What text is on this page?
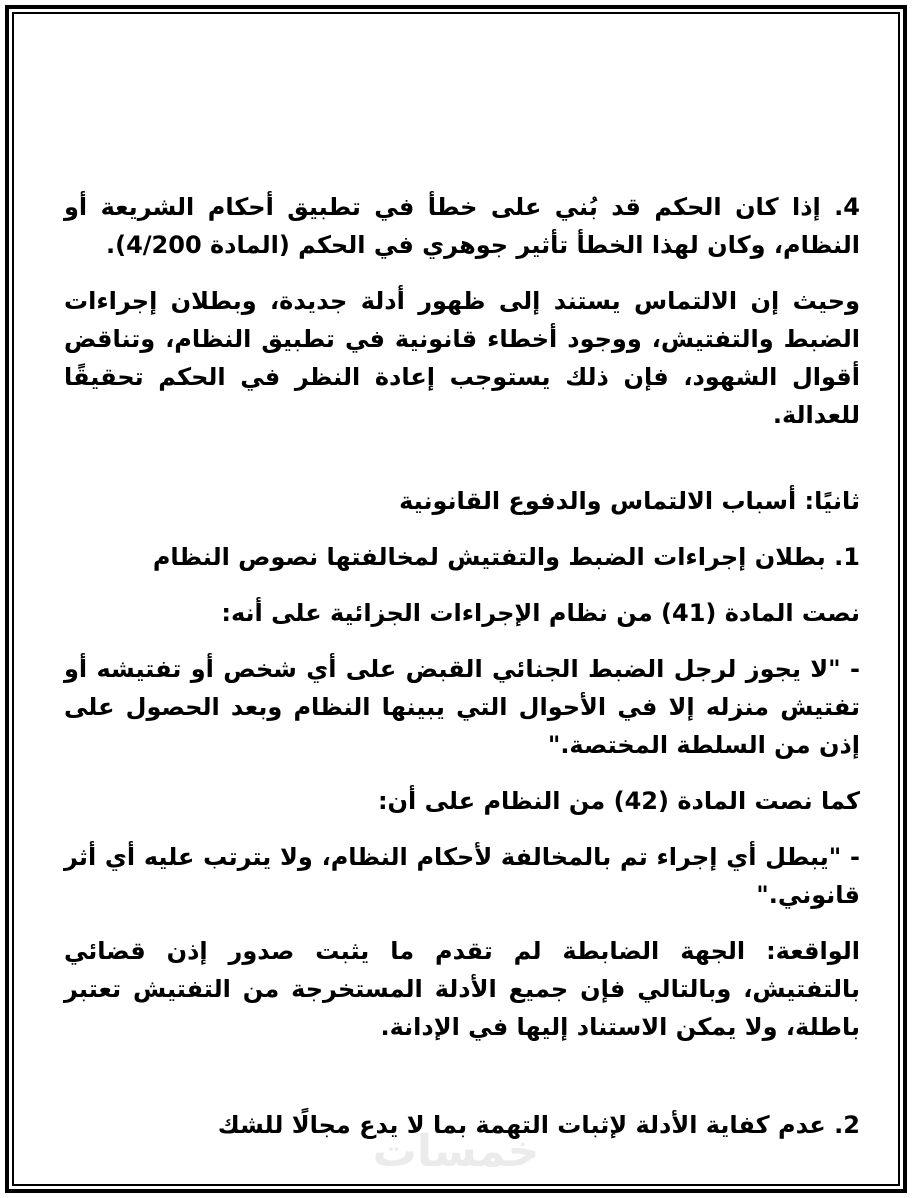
4. إذا كان الحكم قد بُني على خطأ في تطبيق أحكام الشريعة أو النظام، وكان لهذا الخطأ تأثير جوهري في الحكم (المادة 4/200).

وحيث إن الالتماس يستند إلى ظهور أدلة جديدة، وبطلان إجراءات الضبط والتفتيش، ووجود أخطاء قانونية في تطبيق النظام، وتناقض أقوال الشهود، فإن ذلك يستوجب إعادة النظر في الحكم تحقيقًا للعدالة.

ثانيًا: أسباب الالتماس والدفوع القانونية

1. بطلان إجراءات الضبط والتفتيش لمخالفتها نصوص النظام

نصت المادة (41) من نظام الإجراءات الجزائية على أنه:

- "لا يجوز لرجل الضبط الجنائي القبض على أي شخص أو تفتيشه أو تفتيش منزله إلا في الأحوال التي يبينها النظام وبعد الحصول على إذن من السلطة المختصة."

كما نصت المادة (42) من النظام على أن:

- "يبطل أي إجراء تم بالمخالفة لأحكام النظام، ولا يترتب عليه أي أثر قانوني."

الواقعة: الجهة الضابطة لم تقدم ما يثبت صدور إذن قضائي بالتفتيش، وبالتالي فإن جميع الأدلة المستخرجة من التفتيش تعتبر باطلة، ولا يمكن الاستناد إليها في الإدانة.

2. عدم كفاية الأدلة لإثبات التهمة بما لا يدع مجالًا للشك

خمسات
